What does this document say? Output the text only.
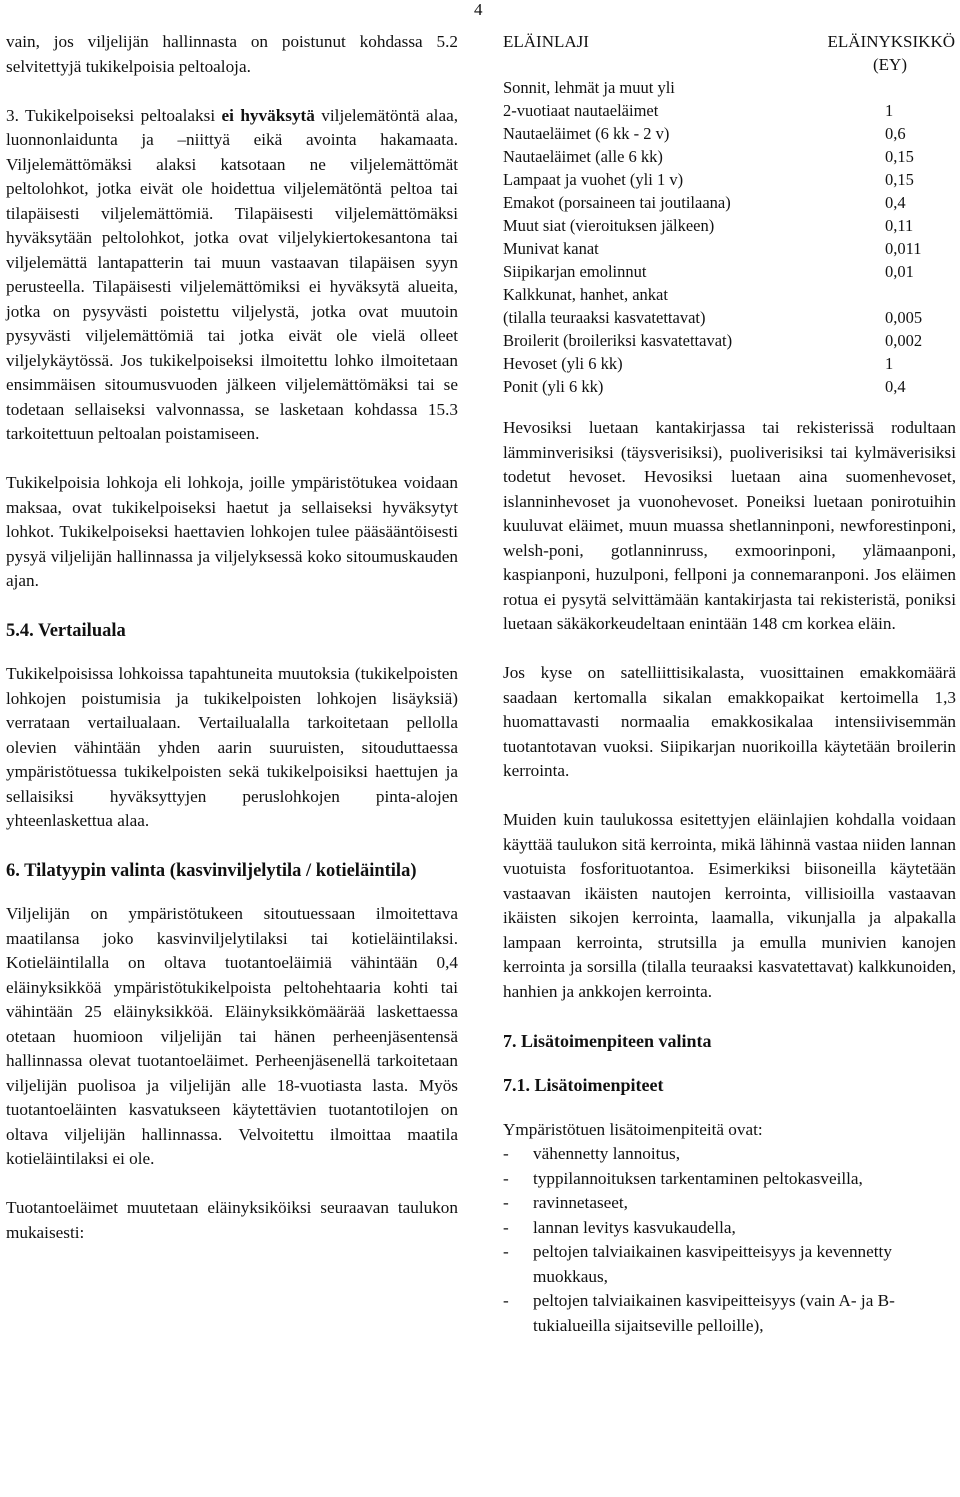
4

vain, jos viljelijän hallinnasta on poistunut kohdassa 5.2 selvitettyjä tukikelpoisia peltoaloja.

3. Tukikelpoiseksi peltoalaksi ei hyväksytä viljelemätöntä alaa, luonnonlaidunta ja –niittyä eikä avointa hakamaata. Viljelemättömäksi alaksi katsotaan ne viljelemättömät peltolohkot, jotka eivät ole hoidettua viljelemätöntä peltoa tai tilapäisesti viljelemättömiä. Tilapäisesti viljelemättömäksi hyväksytään peltolohkot, jotka ovat viljelykiertokesantona tai viljelemättä lantapatterin tai muun vastaavan tilapäisen syyn perusteella. Tilapäisesti viljelemättömiksi ei hyväksytä alueita, jotka on pysyvästi poistettu viljelystä, jotka ovat muutoin pysyvästi viljelemättömiä tai jotka eivät ole vielä olleet viljelykäytössä. Jos tukikelpoiseksi ilmoitettu lohko ilmoitetaan ensimmäisen sitoumusvuoden jälkeen viljelemättömäksi tai se todetaan sellaiseksi valvonnassa, se lasketaan kohdassa 15.3 tarkoitettuun peltoalan poistamiseen.

Tukikelpoisia lohkoja eli lohkoja, joille ympäristötukea voidaan maksaa, ovat tukikelpoiseksi haetut ja sellaiseksi hyväksytyt lohkot. Tukikelpoiseksi haettavien lohkojen tulee pääsääntöisesti pysyä viljelijän hallinnassa ja viljelyksessä koko sitoumuskauden ajan.

5.4. Vertailuala

Tukikelpoisissa lohkoissa tapahtuneita muutoksia (tukikelpoisten lohkojen poistumisia ja tukikelpoisten lohkojen lisäyksiä) verrataan vertailualaan. Vertailualalla tarkoitetaan pellolla olevien vähintään yhden aarin suuruisten, sitouduttaessa ympäristötuessa tukikelpoisten sekä tukikelpoisiksi haettujen ja sellaisiksi hyväksyttyjen peruslohkojen pinta-alojen yhteenlaskettua alaa.

6. Tilatyypin valinta (kasvinviljelytila / kotieläintila)

Viljelijän on ympäristötukeen sitoutuessaan ilmoitettava maatilansa joko kasvinviljelytilaksi tai kotieläintilaksi. Kotieläintilalla on oltava tuotantoeläimiä vähintään 0,4 eläinyksikköä ympäristötukikelpoista peltohehtaaria kohti tai vähintään 25 eläinyksikköä. Eläinyksikkömäärää laskettaessa otetaan huomioon viljelijän tai hänen perheenjäsentensä hallinnassa olevat tuotantoeläimet. Perheenjäsenellä tarkoitetaan viljelijän puolisoa ja viljelijän alle 18-vuotiasta lasta. Myös tuotantoeläinten kasvatukseen käytettävien tuotantotilojen on oltava viljelijän hallinnassa. Velvoitettu ilmoittaa maatila kotieläintilaksi ei ole.

Tuotantoeläimet muutetaan eläinyksiköiksi seuraavan taulukon mukaisesti:

ELÄINLAJI	ELÄINYKSIKKÖ
	(EY)
Sonnit, lehmät ja muut yli	
2-vuotiaat nautaeläimet	1
Nautaeläimet (6 kk - 2 v)	0,6
Nautaeläimet (alle 6 kk)	0,15
Lampaat ja vuohet (yli 1 v)	0,15
Emakot (porsaineen tai joutilaana)	0,4
Muut siat (vieroituksen jälkeen)	0,11
Munivat kanat	0,011
Siipikarjan emolinnut	0,01
Kalkkunat, hanhet, ankat	
(tilalla teuraaksi kasvatettavat)	0,005
Broilerit (broileriksi kasvatettavat)	0,002
Hevoset (yli 6 kk)	1
Ponit (yli 6 kk)	0,4

Hevosiksi luetaan kantakirjassa tai rekisterissä rodultaan lämminverisiksi (täysverisiksi), puoliverisiksi tai kylmäverisiksi todetut hevoset. Hevosiksi luetaan aina suomenhevoset, islanninhevoset ja vuonohevoset. Poneiksi luetaan ponirotuihin kuuluvat eläimet, muun muassa shetlanninponi, newforestinponi, welsh-poni, gotlanninruss, exmoorinponi, ylämaanponi, kaspianponi, huzulponi, fellponi ja connemaranponi. Jos eläimen rotua ei pysytä selvittämään kantakirjasta tai rekisteristä, poniksi luetaan säkäkorkeudeltaan enintään 148 cm korkea eläin.

Jos kyse on satelliittisikalasta, vuosittainen emakkomäärä saadaan kertomalla sikalan emakkopaikat kertoimella 1,3 huomattavasti normaalia emakkosikalaa intensiivisemmän tuotantotavan vuoksi. Siipikarjan nuorikoilla käytetään broilerin kerrointa.

Muiden kuin taulukossa esitettyjen eläinlajien kohdalla voidaan käyttää taulukon sitä kerrointa, mikä lähinnä vastaa niiden lannan vuotuista fosforituotantoa. Esimerkiksi biisoneilla käytetään vastaavan ikäisten nautojen kerrointa, villisioilla vastaavan ikäisten sikojen kerrointa, laamalla, vikunjalla ja alpakalla lampaan kerrointa, strutsilla ja emulla munivien kanojen kerrointa ja sorsilla (tilalla teuraaksi kasvatettavat) kalkkunoiden, hanhien ja ankkojen kerrointa.

7. Lisätoimenpiteen valinta
7.1. Lisätoimenpiteet

Ympäristötuen lisätoimenpiteitä ovat:

- vähennetty lannoitus,
- typpilannoituksen tarkentaminen peltokasveilla,
- ravinnetaseet,
- lannan levitys kasvukaudella,
- peltojen talviaikainen kasvipeitteisyys ja kevennetty muokkaus,
- peltojen talviaikainen kasvipeitteisyys (vain A- ja B-tukialueilla sijaitseville pelloille),
